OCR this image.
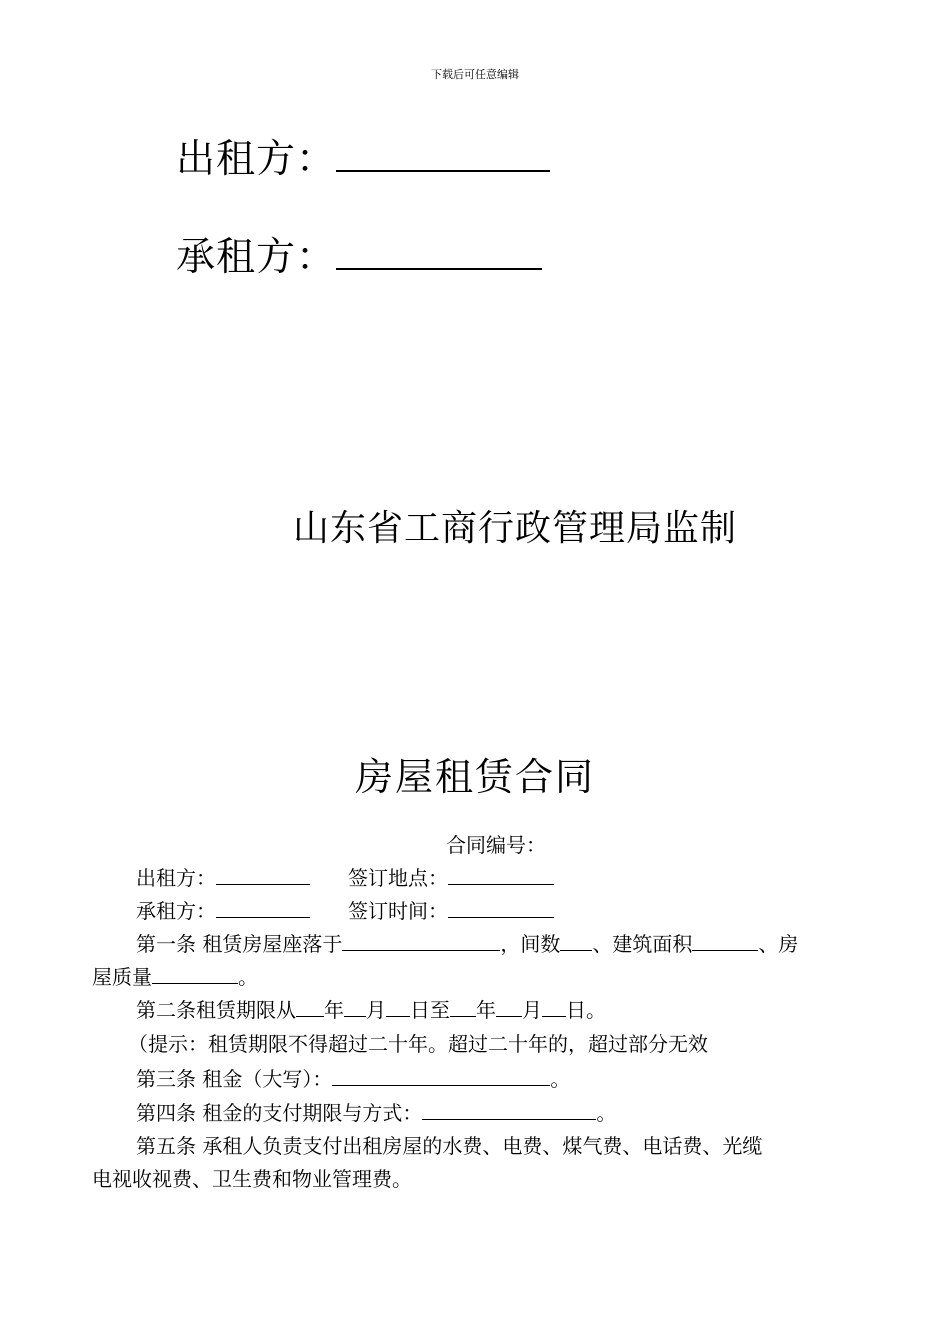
下载后可任意编辑
出租方：
承租方：
山东省工商行政管理局监制
房屋租赁合同
合同编号：
出租方：	签订地点：
承租方：	签订时间：
第一条 租赁房屋座落于	，间数 、建筑面积	、房
屋质量	。
第二条租赁期限从 年 月 日至 年 月 日。
（提示：租赁期限不得超过二十年。超过二十年的，超过部分无效
第三条 租金（大写）：	。
第四条 租金的支付期限与方式：	。
第五条 承租人负责支付出租房屋的水费、电费、煤气费、电话费、光缆
电视收视费、卫生费和物业管理费。
